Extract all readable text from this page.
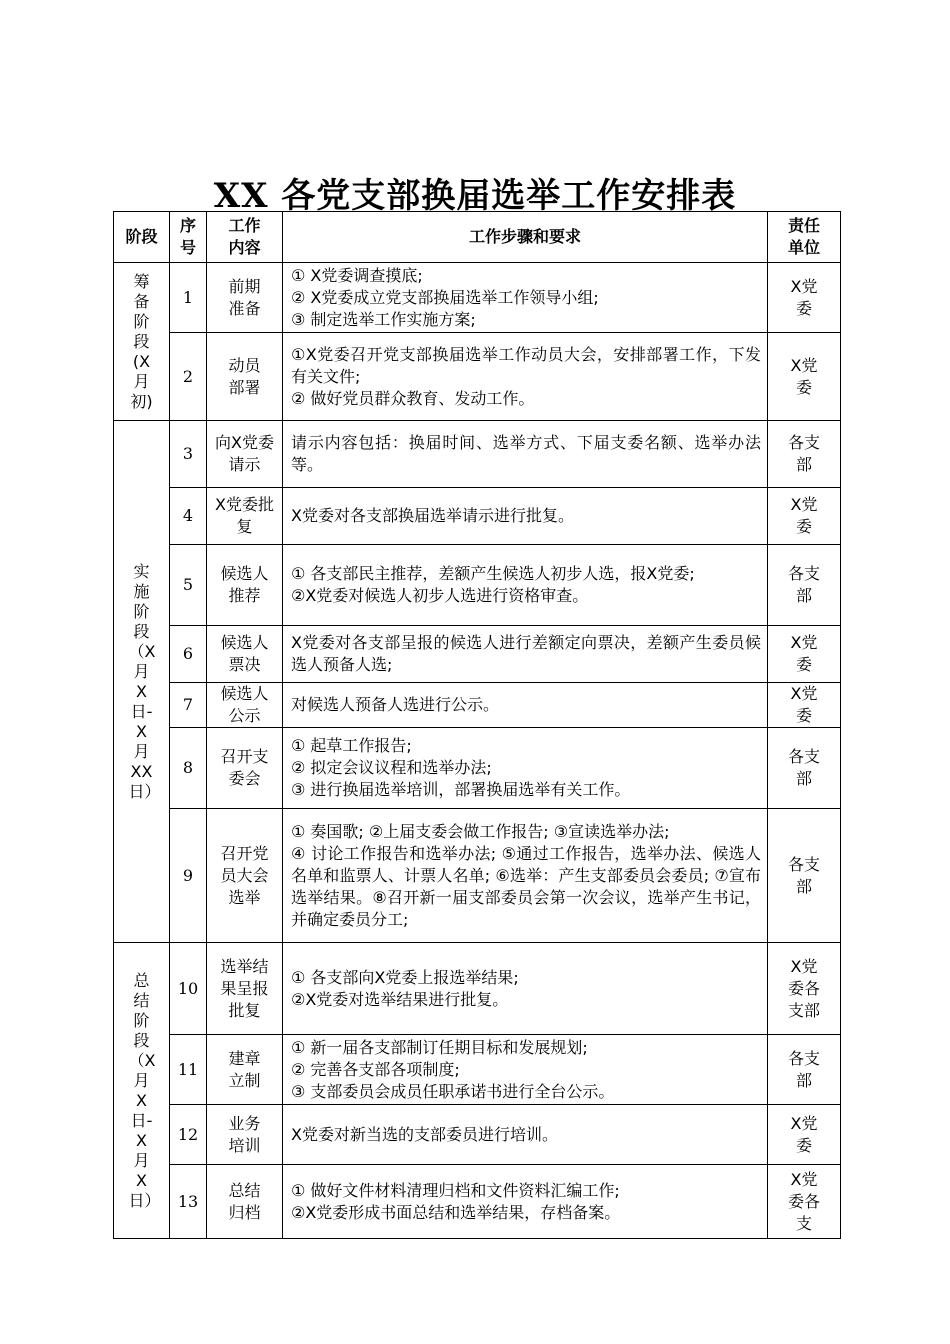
XX 各党支部换届选举工作安排表
阶段	序号	工作内容	工作步骤和要求	责任单位

筹备阶段(X月初)	1	前期准备	① X党委调查摸底;
② X党委成立党支部换届选举工作领导小组;
③ 制定选举工作实施方案;	X党委

	2	动员部署	①X党委召开党支部换届选举工作动员大会，安排部署工作，下发有关文件;
② 做好党员群众教育、发动工作。	X党委

实施阶段（X月X日-X月XX日）	3	向X党委请示	请示内容包括：换届时间、选举方式、下届支委名额、选举办法等。	各支部

	4	X党委批复	X党委对各支部换届选举请示进行批复。	X党委

	5	候选人推荐	① 各支部民主推荐，差额产生候选人初步人选，报X党委;
②X党委对候选人初步人选进行资格审查。	各支部

	6	候选人票决	X党委对各支部呈报的候选人进行差额定向票决，差额产生委员候选人预备人选;	X党委

	7	候选人公示	对候选人预备人选进行公示。	X党委

	8	召开支委会	① 起草工作报告;
② 拟定会议议程和选举办法;
③ 进行换届选举培训，部署换届选举有关工作。	各支部

	9	召开党员大会选举	① 奏国歌; ②上届支委会做工作报告; ③宣读选举办法;
④ 讨论工作报告和选举办法; ⑤通过工作报告，选举办法、候选人名单和监票人、计票人名单; ⑥选举：产生支部委员会委员; ⑦宣布选举结果。⑧召开新一届支部委员会第一次会议，选举产生书记，并确定委员分工;	各支部

总结阶段（X月X日-X月X日）	10	选举结果呈报批复	① 各支部向X党委上报选举结果;
②X党委对选举结果进行批复。	X党委各支部

	11	建章立制	① 新一届各支部制订任期目标和发展规划;
② 完善各支部各项制度;
③ 支部委员会成员任职承诺书进行全台公示。	各支部

	12	业务培训	X党委对新当选的支部委员进行培训。	X党委

	13	总结归档	① 做好文件材料清理归档和文件资料汇编工作;
②X党委形成书面总结和选举结果，存档备案。	X党委各支
